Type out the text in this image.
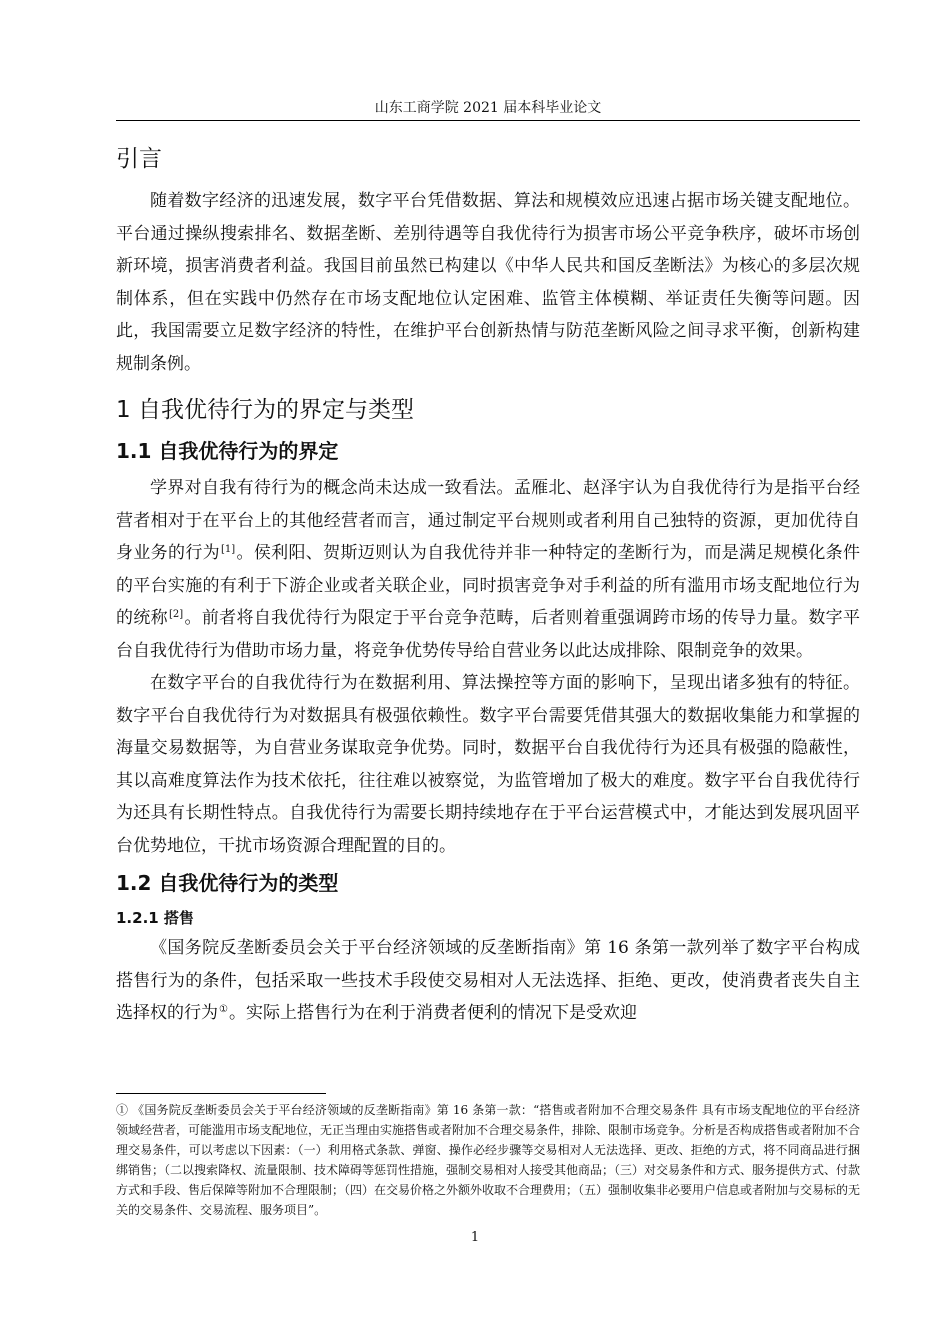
山东工商学院 2021 届本科毕业论文
引言

随着数字经济的迅速发展，数字平台凭借数据、算法和规模效应迅速占据市场关键支配地位。平台通过操纵搜索排名、数据垄断、差别待遇等自我优待行为损害市场公平竞争秩序，破坏市场创新环境，损害消费者利益。我国目前虽然已构建以《中华人民共和国反垄断法》为核心的多层次规制体系，但在实践中仍然存在市场支配地位认定困难、监管主体模糊、举证责任失衡等问题。因此，我国需要立足数字经济的特性，在维护平台创新热情与防范垄断风险之间寻求平衡，创新构建规制条例。

1 自我优待行为的界定与类型
1.1 自我优待行为的界定

学界对自我有待行为的概念尚未达成一致看法。孟雁北、赵泽宇认为自我优待行为是指平台经营者相对于在平台上的其他经营者而言，通过制定平台规则或者利用自己独特的资源，更加优待自身业务的行为[1]。侯利阳、贺斯迈则认为自我优待并非一种特定的垄断行为，而是满足规模化条件的平台实施的有利于下游企业或者关联企业，同时损害竞争对手利益的所有滥用市场支配地位行为的统称[2]。前者将自我优待行为限定于平台竞争范畴，后者则着重强调跨市场的传导力量。数字平台自我优待行为借助市场力量，将竞争优势传导给自营业务以此达成排除、限制竞争的效果。

在数字平台的自我优待行为在数据利用、算法操控等方面的影响下，呈现出诸多独有的特征。数字平台自我优待行为对数据具有极强依赖性。数字平台需要凭借其强大的数据收集能力和掌握的海量交易数据等，为自营业务谋取竞争优势。同时，数据平台自我优待行为还具有极强的隐蔽性，其以高难度算法作为技术依托，往往难以被察觉，为监管增加了极大的难度。数字平台自我优待行为还具有长期性特点。自我优待行为需要长期持续地存在于平台运营模式中，才能达到发展巩固平台优势地位，干扰市场资源合理配置的目的。

1.2 自我优待行为的类型
1.2.1 搭售

《国务院反垄断委员会关于平台经济领域的反垄断指南》第 16 条第一款列举了数字平台构成搭售行为的条件，包括采取一些技术手段使交易相对人无法选择、拒绝、更改，使消费者丧失自主选择权的行为①。实际上搭售行为在利于消费者便利的情况下是受欢迎

① 《国务院反垄断委员会关于平台经济领域的反垄断指南》第 16 条第一款：“搭售或者附加不合理交易条件 具有市场支配地位的平台经济领域经营者，可能滥用市场支配地位，无正当理由实施搭售或者附加不合理交易条件，排除、限制市场竞争。分析是否构成搭售或者附加不合理交易条件，可以考虑以下因素：（一）利用格式条款、弹窗、操作必经步骤等交易相对人无法选择、更改、拒绝的方式，将不同商品进行捆绑销售；（二以搜索降权、流量限制、技术障碍等惩罚性措施，强制交易相对人接受其他商品；（三）对交易条件和方式、服务提供方式、付款方式和手段、售后保障等附加不合理限制；（四）在交易价格之外额外收取不合理费用；（五）强制收集非必要用户信息或者附加与交易标的无关的交易条件、交易流程、服务项目”。
1
